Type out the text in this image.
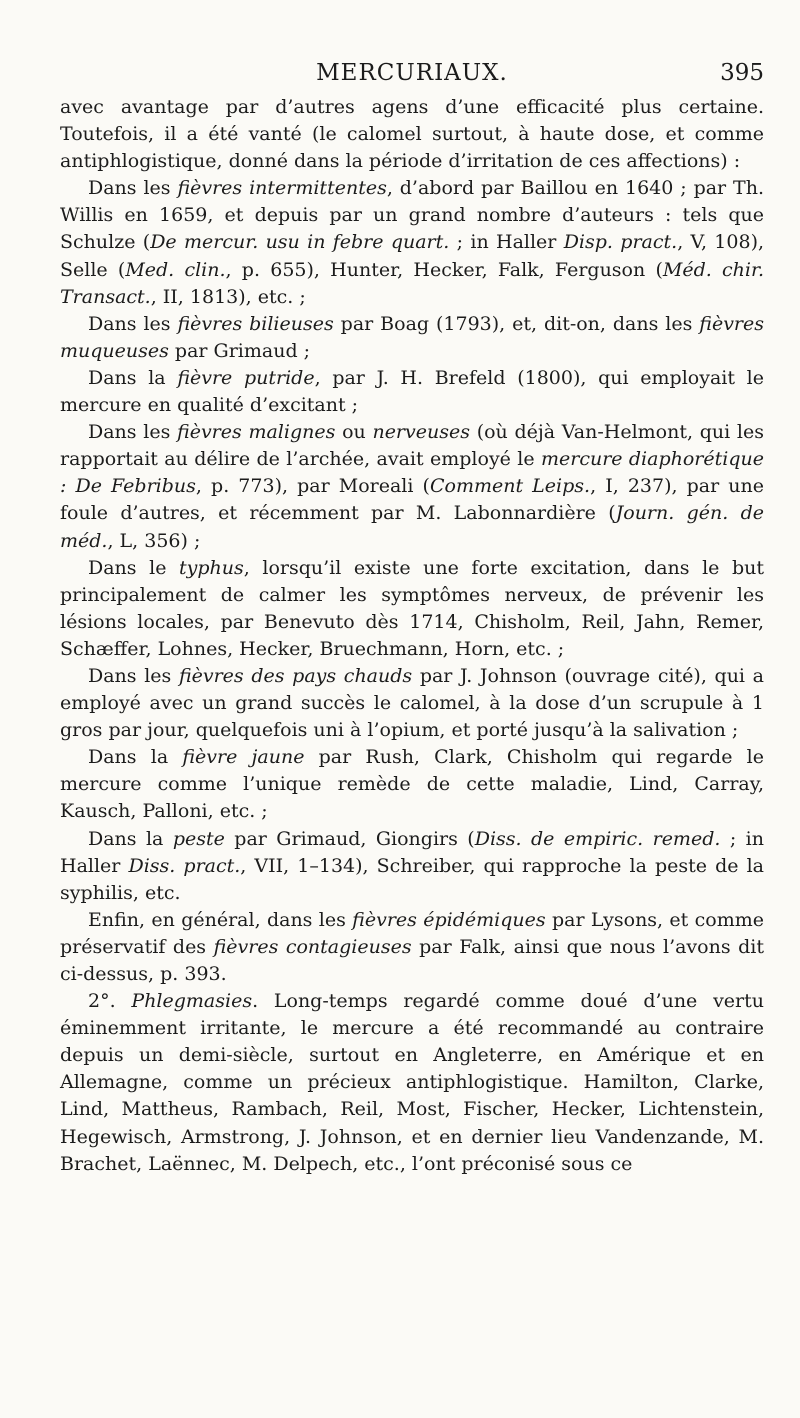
MERCURIAUX.	395

avec avantage par d’autres agens d’une efficacité plus certaine. Toutefois, il a été vanté (le calomel surtout, à haute dose, et comme antiphlogistique, donné dans la période d’irritation de ces affections) :

Dans les fièvres intermittentes, d’abord par Baillou en 1640 ; par Th. Willis en 1659, et depuis par un grand nombre d’auteurs : tels que Schulze (De mercur. usu in febre quart. ; in Haller Disp. pract., V, 108), Selle (Med. clin., p. 655), Hunter, Hecker, Falk, Ferguson (Méd. chir. Transact., II, 1813), etc. ;

Dans les fièvres bilieuses par Boag (1793), et, dit-on, dans les fièvres muqueuses par Grimaud ;

Dans la fièvre putride, par J. H. Brefeld (1800), qui employait le mercure en qualité d’excitant ;

Dans les fièvres malignes ou nerveuses (où déjà Van-Helmont, qui les rapportait au délire de l’archée, avait employé le mercure diaphorétique : De Febribus, p. 773), par Moreali (Comment Leips., I, 237), par une foule d’autres, et récemment par M. Labonnardière (Journ. gén. de méd., L, 356) ;

Dans le typhus, lorsqu’il existe une forte excitation, dans le but principalement de calmer les symptômes nerveux, de prévenir les lésions locales, par Benevuto dès 1714, Chisholm, Reil, Jahn, Remer, Schæffer, Lohnes, Hecker, Bruechmann, Horn, etc. ;

Dans les fièvres des pays chauds par J. Johnson (ouvrage cité), qui a employé avec un grand succès le calomel, à la dose d’un scrupule à 1 gros par jour, quelquefois uni à l’opium, et porté jusqu’à la salivation ;

Dans la fièvre jaune par Rush, Clark, Chisholm qui regarde le mercure comme l’unique remède de cette maladie, Lind, Carray, Kausch, Palloni, etc. ;

Dans la peste par Grimaud, Giongirs (Diss. de empiric. remed. ; in Haller Diss. pract., VII, 1–134), Schreiber, qui rapproche la peste de la syphilis, etc.

Enfin, en général, dans les fièvres épidémiques par Lysons, et comme préservatif des fièvres contagieuses par Falk, ainsi que nous l’avons dit ci-dessus, p. 393.

2°. Phlegmasies. Long-temps regardé comme doué d’une vertu éminemment irritante, le mercure a été recommandé au contraire depuis un demi-siècle, surtout en Angleterre, en Amérique et en Allemagne, comme un précieux antiphlogistique. Hamilton, Clarke, Lind, Mattheus, Rambach, Reil, Most, Fischer, Hecker, Lichtenstein, Hegewisch, Armstrong, J. Johnson, et en dernier lieu Vandenzande, M. Brachet, Laënnec, M. Delpech, etc., l’ont préconisé sous ce
